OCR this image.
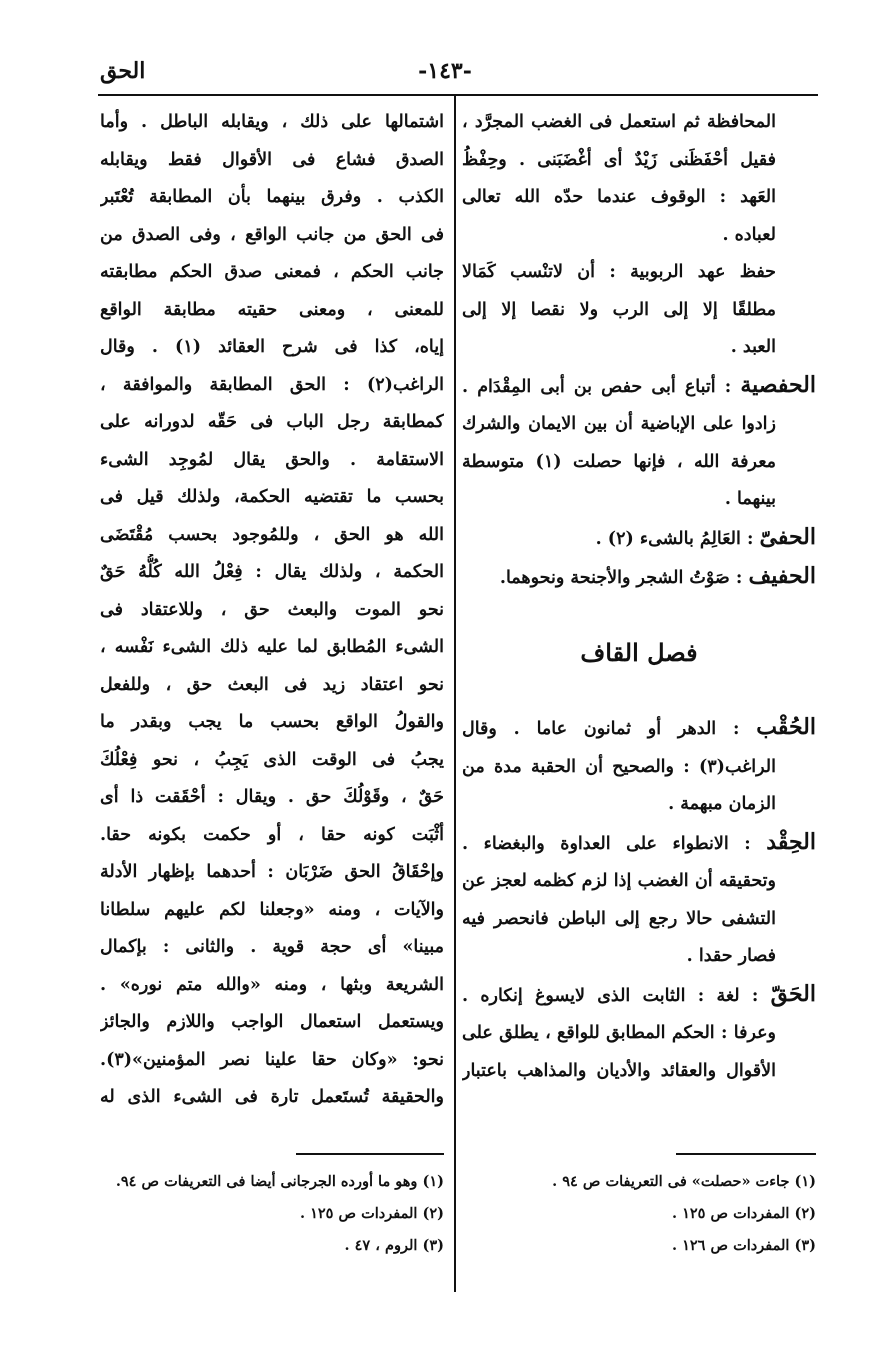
-١٤٣-
الحق
المحافظة ثم استعمل فى الغضب المجرَّد ،
فقيل أحْفَظَنى زَيْدٌ أى أغْضَبَنى . وحِفْظُ
العَهد : الوقوف عندما حدّه الله تعالى
لعباده .
حفظ عهد الربوبية : أن لاتنْسب كَمَالا
مطلقًا إلا إلى الرب ولا نقصا إلا إلى
العبد .
الحفصية : أتباع أبى حفص بن أبى المِقْدَام .
زادوا على الإباضية أن بين الايمان والشرك
معرفة الله ، فإنها حصلت (١) متوسطة
بينهما .
الحفىّ : العَالِمُ بالشىء (٢) .
الحفيف : صَوْتُ الشجر والأجنحة ونحوهما.
فصل القاف
الحُقْب : الدهر أو ثمانون عاما . وقال
الراغب(٣) : والصحيح أن الحقبة مدة من
الزمان مبهمة .
الحِقْد : الانطواء على العداوة والبغضاء .
وتحقيقه أن الغضب إذا لزم كظمه لعجز عن
التشفى حالا رجع إلى الباطن فانحصر فيه
فصار حقدا .
الحَقّ : لغة : الثابت الذى لايسوغ إنكاره .
وعرفا : الحكم المطابق للواقع ، يطلق على
الأقوال والعقائد والأديان والمذاهب باعتبار
اشتمالها على ذلك ، ويقابله الباطل . وأما
الصدق فشاع فى الأقوال فقط ويقابله
الكذب . وفرق بينهما بأن المطابقة تُعْتَبر
فى الحق من جانب الواقع ، وفى الصدق من
جانب الحكم ، فمعنى صدق الحكم مطابقته
للمعنى ، ومعنى حقيته مطابقة الواقع
إياه، كذا فى شرح العقائد (١) . وقال
الراغب(٢) : الحق المطابقة والموافقة ،
كمطابقة رجل الباب فى حَقّه لدورانه على
الاستقامة . والحق يقال لمُوجِد الشىء
بحسب ما تقتضيه الحكمة، ولذلك قيل فى
الله هو الحق ، وللمُوجود بحسب مُقْتَضَى
الحكمة ، ولذلك يقال : فِعْلُ الله كُلُّهُ حَقٌ
نحو الموت والبعث حق ، وللاعتقاد فى
الشىء المُطابق لما عليه ذلك الشىء نَفْسه ،
نحو اعتقاد زيد فى البعث حق ، وللفعل
والقولُ الواقع بحسب ما يجب وبقدر ما
يجبُ فى الوقت الذى يَجِبُ ، نحو فِعْلُكَ
حَقٌ ، وقَوْلُكَ حق . ويقال : أحْقَقت ذا أى
أثْبَت كونه حقا ، أو حكمت بكونه حقا.
وإحْقَاقُ الحق ضَرْبَان : أحدهما بإظهار الأدلة
والآيات ، ومنه «وجعلنا لكم عليهم سلطانا
مبينا» أى حجة قوية . والثانى : بإكمال
الشريعة وبثها ، ومنه «والله متم نوره» .
ويستعمل استعمال الواجب واللازم والجائز
نحو: «وكان حقا علينا نصر المؤمنين»(٣).
والحقيقة تُستَعمل تارة فى الشىء الذى له
(١) جاءت «حصلت» فى التعريفات ص ٩٤ .
(٢) المفردات ص ١٢٥ .
(٣) المفردات ص ١٢٦ .
(١) وهو ما أورده الجرجانى أيضا فى التعريفات ص ٩٤.
(٢) المفردات ص ١٢٥ .
(٣) الروم ، ٤٧ .
